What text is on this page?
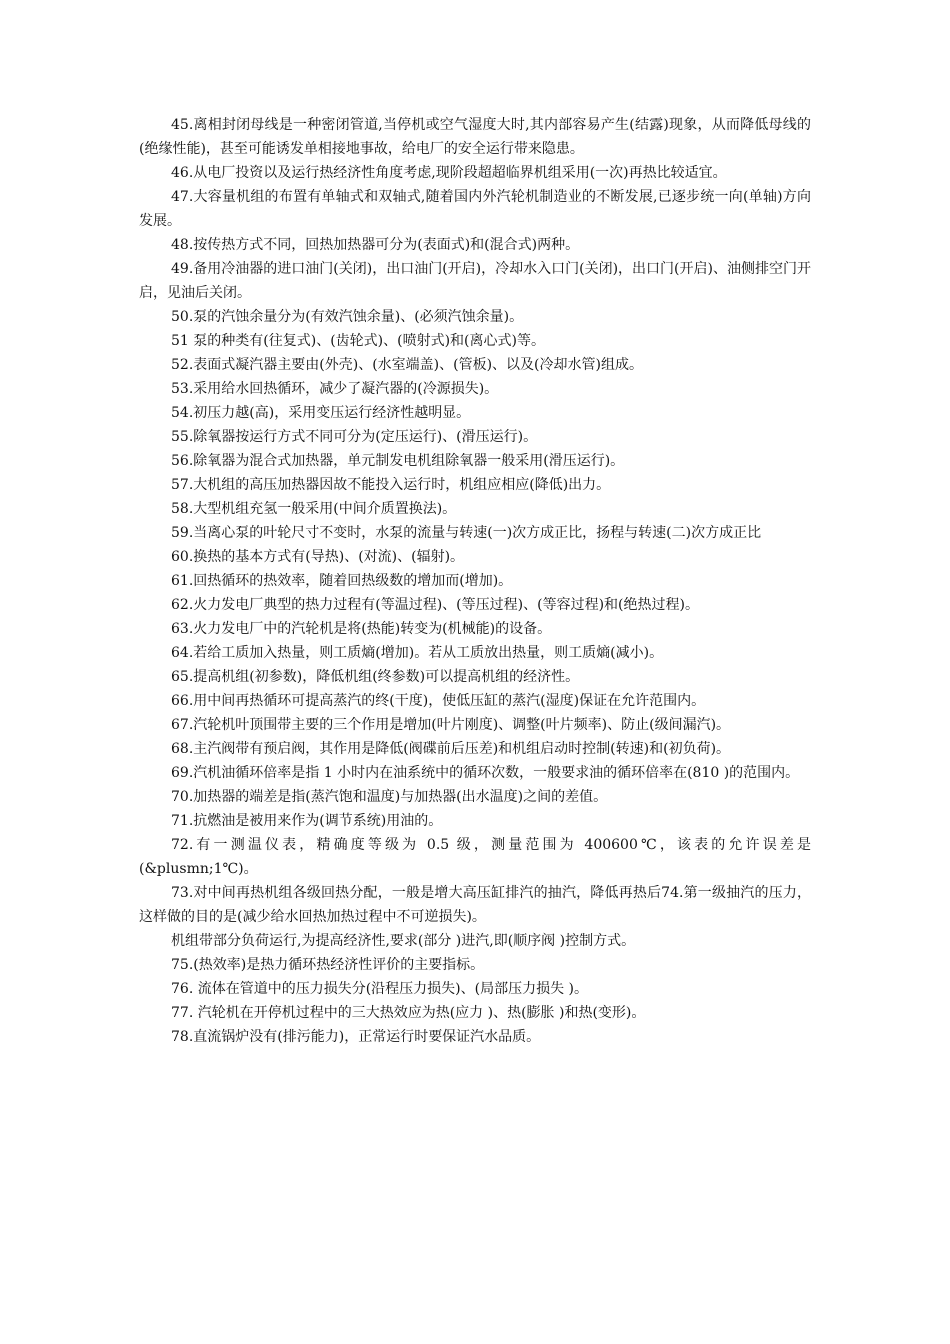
45.离相封闭母线是一种密闭管道,当停机或空气湿度大时,其内部容易产生(结露)现象，从而降低母线的(绝缘性能)，甚至可能诱发单相接地事故，给电厂的安全运行带来隐患。

46.从电厂投资以及运行热经济性角度考虑,现阶段超超临界机组采用(一次)再热比较适宜。

47.大容量机组的布置有单轴式和双轴式,随着国内外汽轮机制造业的不断发展,已逐步统一向(单轴)方向发展。

48.按传热方式不同，回热加热器可分为(表面式)和(混合式)两种。

49.备用冷油器的进口油门(关闭)，出口油门(开启)，冷却水入口门(关闭)，出口门(开启)、油侧排空门开启，见油后关闭。

50.泵的汽蚀余量分为(有效汽蚀余量)、(必须汽蚀余量)。

51 泵的种类有(往复式)、(齿轮式)、(喷射式)和(离心式)等。

52.表面式凝汽器主要由(外壳)、(水室端盖)、(管板)、以及(冷却水管)组成。

53.采用给水回热循环，减少了凝汽器的(冷源损失)。

54.初压力越(高)，采用变压运行经济性越明显。

55.除氧器按运行方式不同可分为(定压运行)、(滑压运行)。

56.除氧器为混合式加热器，单元制发电机组除氧器一般采用(滑压运行)。

57.大机组的高压加热器因故不能投入运行时，机组应相应(降低)出力。

58.大型机组充氢一般采用(中间介质置换法)。

59.当离心泵的叶轮尺寸不变时，水泵的流量与转速(一)次方成正比，扬程与转速(二)次方成正比

60.换热的基本方式有(导热)、(对流)、(辐射)。

61.回热循环的热效率，随着回热级数的增加而(增加)。

62.火力发电厂典型的热力过程有(等温过程)、(等压过程)、(等容过程)和(绝热过程)。

63.火力发电厂中的汽轮机是将(热能)转变为(机械能)的设备。

64.若给工质加入热量，则工质熵(增加)。若从工质放出热量，则工质熵(减小)。

65.提高机组(初参数)，降低机组(终参数)可以提高机组的经济性。

66.用中间再热循环可提高蒸汽的终(干度)，使低压缸的蒸汽(湿度)保证在允许范围内。

67.汽轮机叶顶围带主要的三个作用是增加(叶片刚度)、调整(叶片频率)、防止(级间漏汽)。

68.主汽阀带有预启阀，其作用是降低(阀碟前后压差)和机组启动时控制(转速)和(初负荷)。

69.汽机油循环倍率是指 1 小时内在油系统中的循环次数，一般要求油的循环倍率在(810 )的范围内。

70.加热器的端差是指(蒸汽饱和温度)与加热器(出水温度)之间的差值。

71.抗燃油是被用来作为(调节系统)用油的。

72.有一测温仪表，精确度等级为 0.5 级，测量范围为 400600℃，该表的允许误差是(&plusmn;1℃)。

73.对中间再热机组各级回热分配，一般是增大高压缸排汽的抽汽，降低再热后74.第一级抽汽的压力，这样做的目的是(减少给水回热加热过程中不可逆损失)。

机组带部分负荷运行,为提高经济性,要求(部分 )进汽,即(顺序阀 )控制方式。

75.(热效率)是热力循环热经济性评价的主要指标。

76. 流体在管道中的压力损失分(沿程压力损失)、(局部压力损失 )。

77. 汽轮机在开停机过程中的三大热效应为热(应力 )、热(膨胀 )和热(变形)。

78.直流锅炉没有(排污能力)，正常运行时要保证汽水品质。
